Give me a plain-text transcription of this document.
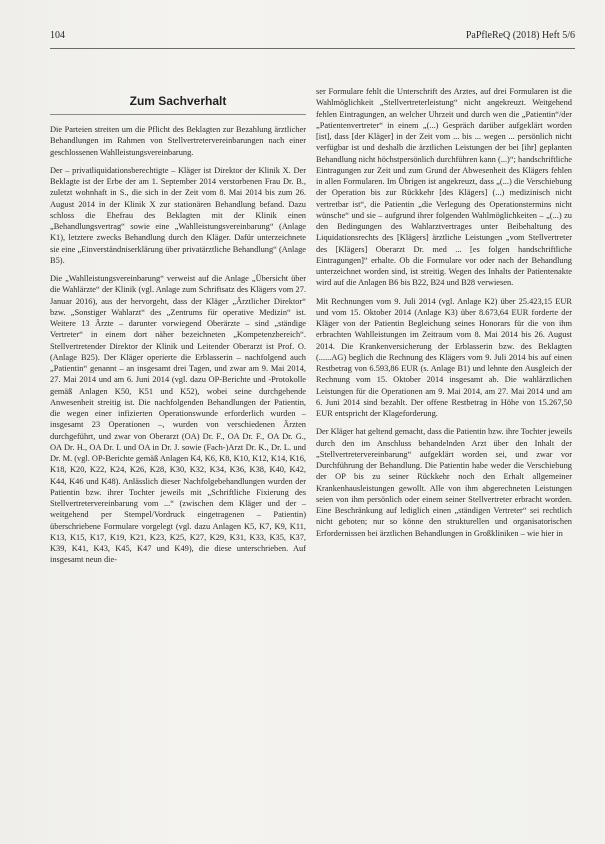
104	PaPfleReQ (2018) Heft 5/6
Zum Sachverhalt

Die Parteien streiten um die Pflicht des Beklagten zur Bezahlung ärztlicher Behandlungen im Rahmen von Stellvertretervereinbarungen nach einer geschlossenen Wahlleistungsvereinbarung.

Der – privatliquidationsberechtigte – Kläger ist Direktor der Klinik X. Der Beklagte ist der Erbe der am 1. September 2014 verstorbenen Frau Dr. B., zuletzt wohnhaft in S., die sich in der Zeit vom 8. Mai 2014 bis zum 26. August 2014 in der Klinik X zur stationären Behandlung befand. Dazu schloss die Ehefrau des Beklagten mit der Klinik einen „Behandlungsvertrag“ sowie eine „Wahlleistungsvereinbarung“ (Anlage K1), letztere zwecks Behandlung durch den Kläger. Dafür unterzeichnete sie eine „Einverständniserklärung über privatärztliche Behandlung“ (Anlage B5).

Die „Wahlleistungsvereinbarung“ verweist auf die Anlage „Übersicht über die Wahlärzte“ der Klinik (vgl. Anlage zum Schriftsatz des Klägers vom 27. Januar 2016), aus der hervorgeht, dass der Kläger „Ärztlicher Direktor“ bzw. „Sonstiger Wahlarzt“ des „Zentrums für operative Medizin“ ist. Weitere 13 Ärzte – darunter vorwiegend Oberärzte – sind „ständige Vertreter“ in einem dort näher bezeichneten „Kompetenzbereich“. Stellvertretender Direktor der Klinik und Leitender Oberarzt ist Prof. O. (Anlage B25). Der Kläger operierte die Erblasserin – nachfolgend auch „Patientin“ genannt – an insgesamt drei Tagen, und zwar am 9. Mai 2014, 27. Mai 2014 und am 6. Juni 2014 (vgl. dazu OP-Berichte und -Protokolle gemäß Anlagen K50, K51 und K52), wobei seine durchgehende Anwesenheit streitig ist. Die nachfolgenden Behandlungen der Patientin, die wegen einer infizierten Operationswunde erforderlich wurden – insgesamt 23 Operationen –, wurden von verschiedenen Ärzten durchgeführt, und zwar von Oberarzt (OA) Dr. F., OA Dr. F., OA Dr. G., OA Dr. H., OA Dr. I. und OA in Dr. J. sowie (Fach-)Arzt Dr. K., Dr. L. und Dr. M. (vgl. OP-Berichte gemäß Anlagen K4, K6, K8, K10, K12, K14, K16, K18, K20, K22, K24, K26, K28, K30, K32, K34, K36, K38, K40, K42, K44, K46 und K48). Anlässlich dieser Nachfolgebehandlungen wurden der Patientin bzw. ihrer Tochter jeweils mit „Schriftliche Fixierung des Stellvertretervereinbarung vom ...“ (zwischen dem Kläger und der – weitgehend per Stempel/Vordruck eingetragenen – Patientin) überschriebene Formulare vorgelegt (vgl. dazu Anlagen K5, K7, K9, K11, K13, K15, K17, K19, K21, K23, K25, K27, K29, K31, K33, K35, K37, K39, K41, K43, K45, K47 und K49), die diese unterschrieben. Auf insgesamt neun die-

ser Formulare fehlt die Unterschrift des Arztes, auf drei Formularen ist die Wahlmöglichkeit „Stellvertreterleistung“ nicht angekreuzt. Weitgehend fehlen Eintragungen, an welcher Uhrzeit und durch wen die „Patientin“/der „Patientenvertreter“ in einem „(...) Gespräch darüber aufgeklärt worden [ist], dass [der Kläger] in der Zeit vom ... bis ... wegen ... persönlich nicht verfügbar ist und deshalb die ärztlichen Leistungen der bei [ihr] geplanten Behandlung nicht höchstpersönlich durchführen kann (...)“; handschriftliche Eintragungen zur Zeit und zum Grund der Abwesenheit des Klägers fehlen in allen Formularen. Im Übrigen ist angekreuzt, dass „(...) die Verschiebung der Operation bis zur Rückkehr [des Klägers] (...) medizinisch nicht vertretbar ist“, die Patientin „die Verlegung des Operationstermins nicht wünsche“ und sie – aufgrund ihrer folgenden Wahlmöglichkeiten – „(...) zu den Bedingungen des Wahlarztvertrages unter Beibehaltung des Liquidationsrechts des [Klägers] ärztliche Leistungen „vom Stellvertreter des [Klägers] Oberarzt Dr. med ... [es folgen handschriftliche Eintragungen]“ erhalte. Ob die Formulare vor oder nach der Behandlung unterzeichnet worden sind, ist streitig. Wegen des Inhalts der Patientenakte wird auf die Anlagen B6 bis B22, B24 und B28 verwiesen.

Mit Rechnungen vom 9. Juli 2014 (vgl. Anlage K2) über 25.423,15 EUR und vom 15. Oktober 2014 (Anlage K3) über 8.673,64 EUR forderte der Kläger von der Patientin Begleichung seines Honorars für die von ihm erbrachten Wahlleistungen im Zeitraum vom 8. Mai 2014 bis 26. August 2014. Die Krankenversicherung der Erblasserin bzw. des Beklagten (......AG) beglich die Rechnung des Klägers vom 9. Juli 2014 bis auf einen Restbetrag von 6.593,86 EUR (s. Anlage B1) und lehnte den Ausgleich der Rechnung vom 15. Oktober 2014 insgesamt ab. Die wahlärztlichen Leistungen für die Operationen am 9. Mai 2014, am 27. Mai 2014 und am 6. Juni 2014 sind bezahlt. Der offene Restbetrag in Höhe von 15.267,50 EUR entspricht der Klageforderung.

Der Kläger hat geltend gemacht, dass die Patientin bzw. ihre Tochter jeweils durch den im Anschluss behandelnden Arzt über den Inhalt der „Stellvertretervereinbarung“ aufgeklärt worden sei, und zwar vor Durchführung der Behandlung. Die Patientin habe weder die Verschiebung der OP bis zu seiner Rückkehr noch den Erhalt allgemeiner Krankenhausleistungen gewollt. Alle von ihm abgerechneten Leistungen seien von ihm persönlich oder einem seiner Stellvertreter erbracht worden. Eine Beschränkung auf lediglich einen „ständigen Vertreter“ sei rechtlich nicht geboten; nur so könne den strukturellen und organisatorischen Erfordernissen bei ärztlichen Behandlungen in Großkliniken – wie hier in
